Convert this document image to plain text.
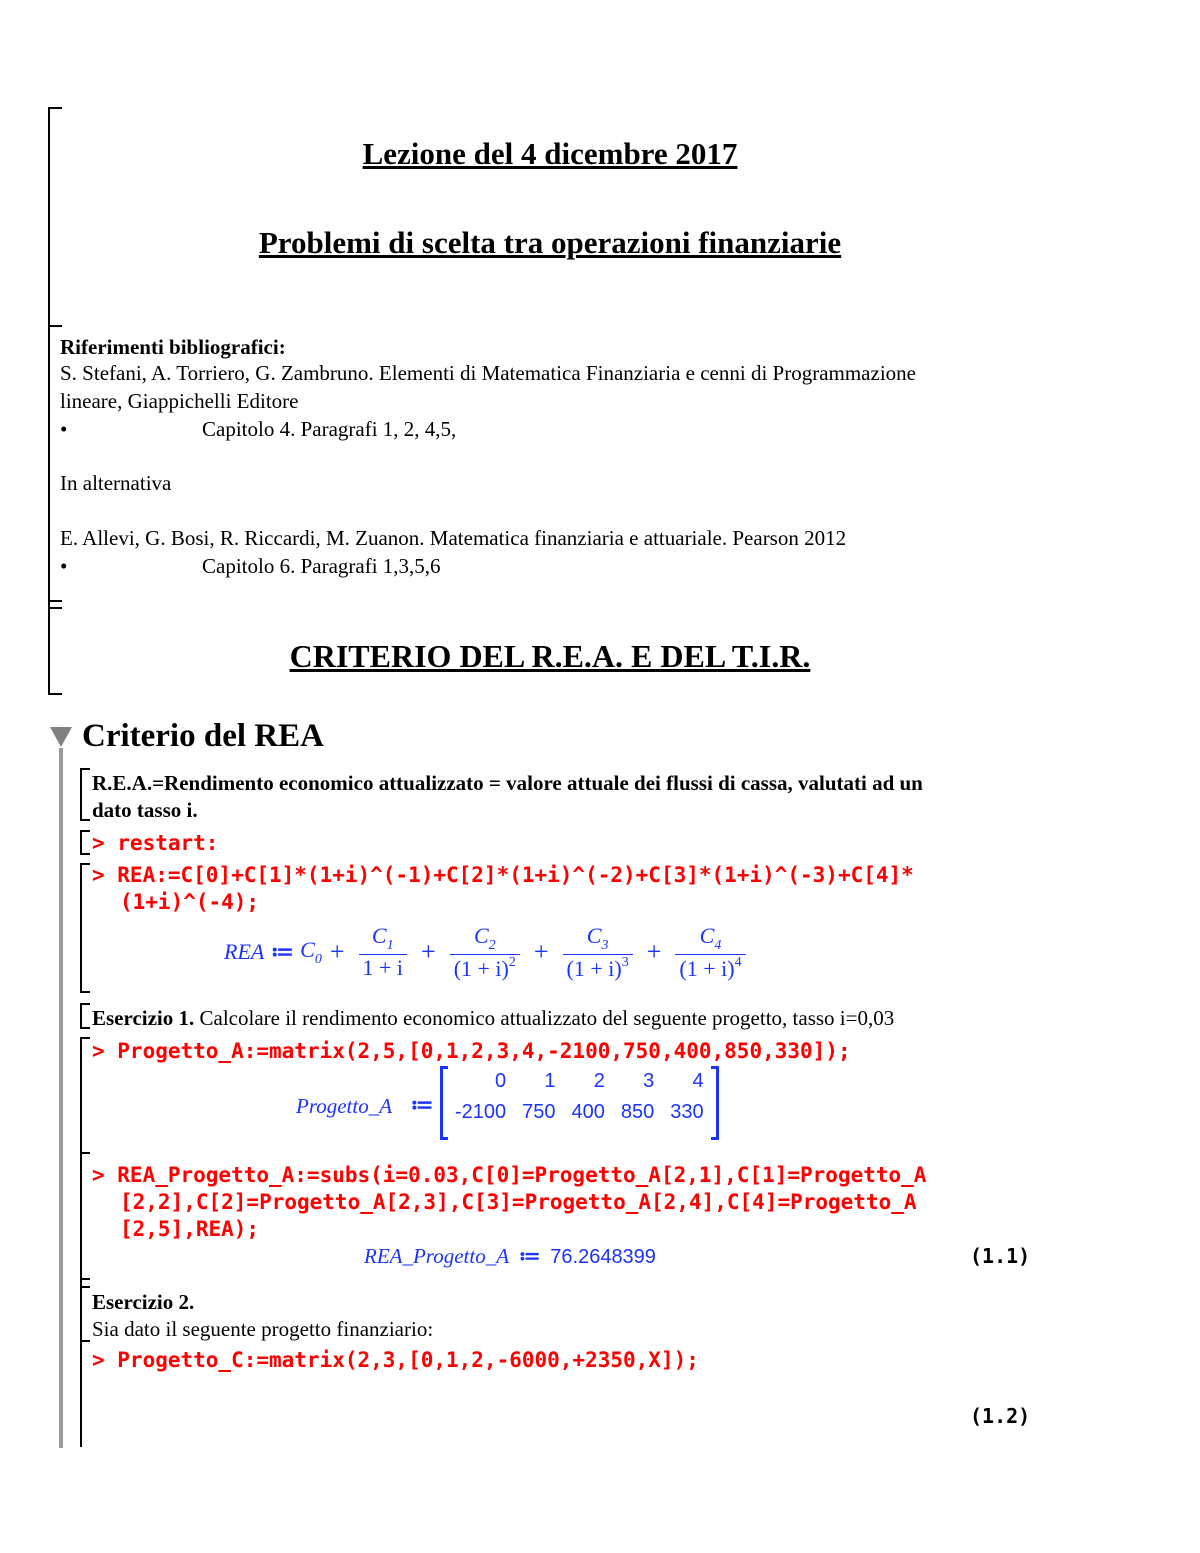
Lezione del 4 dicembre 2017
Problemi di scelta tra operazioni finanziarie
Riferimenti bibliografici:
S. Stefani, A. Torriero, G. Zambruno. Elementi di Matematica Finanziaria e cenni di Programmazione
lineare, Giappichelli Editore
•	Capitolo 4. Paragrafi 1, 2, 4,5,
In alternativa
E. Allevi, G. Bosi, R. Riccardi, M. Zuanon. Matematica finanziaria e attuariale. Pearson 2012
•	Capitolo 6. Paragrafi 1,3,5,6
CRITERIO DEL R.E.A. E DEL T.I.R.
Criterio del REA
R.E.A.=Rendimento economico attualizzato = valore attuale dei flussi di cassa, valutati ad un
dato tasso i.
> restart:
> REA:=C[0]+C[1]*(1+i)^(-1)+C[2]*(1+i)^(-2)+C[3]*(1+i)^(-3)+C[4]*
(1+i)^(-4);
REA ≔ $C_0 + \frac{C_1}{1 + i} + \frac{C_2}{(1 + i)^2} + \frac{C_3}{(1 + i)^3} + \frac{C_4}{(1 + i)^4}$
Esercizio 1. Calcolare il rendimento economico attualizzato del seguente progetto, tasso i=0,03
> Progetto_A:=matrix(2,5,[0,1,2,3,4,-2100,750,400,850,330]);
Progetto_A ≔
0	1	2	3	4
-2100	750	400	850	330
> REA_Progetto_A:=subs(i=0.03,C[0]=Progetto_A[2,1],C[1]=Progetto_A
[2,2],C[2]=Progetto_A[2,3],C[3]=Progetto_A[2,4],C[4]=Progetto_A
[2,5],REA);
REA_Progetto_A ≔ 76.2648399	(1.1)
Esercizio 2.
Sia dato il seguente progetto finanziario:
> Progetto_C:=matrix(2,3,[0,1,2,-6000,+2350,X]);
(1.2)
